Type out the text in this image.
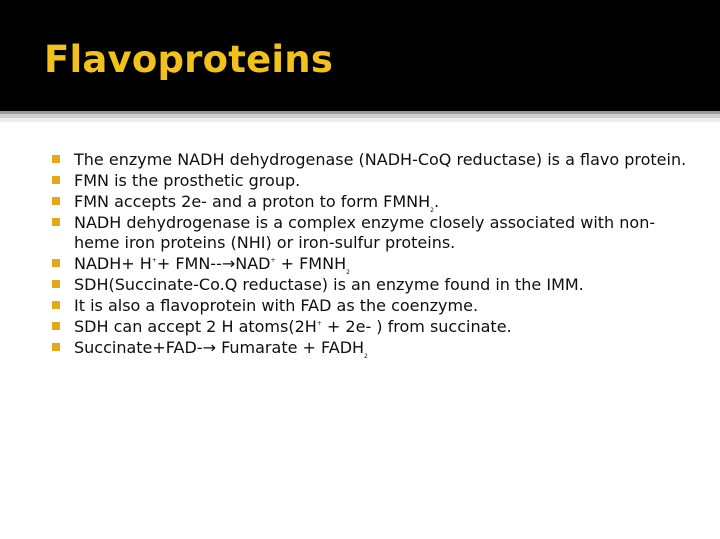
Flavoproteins
The enzyme NADH dehydrogenase (NADH-CoQ reductase) is a flavo protein.
FMN is the prosthetic group.
FMN accepts 2e- and a proton to form $FMNH_2$.
NADH dehydrogenase is a complex enzyme closely associated with non-heme iron proteins (NHI) or iron-sulfur proteins.
NADH+ $H^++ FMN--\to NAD^+ + FMNH_2$
SDH(Succinate-Co.Q reductase) is an enzyme found in the IMM.
It is also a flavoprotein with FAD as the coenzyme.
SDH can accept 2 H atoms(2H+ + 2e- ) from succinate.
Succinate+FAD-→ Fumarate + $FADH_2$
